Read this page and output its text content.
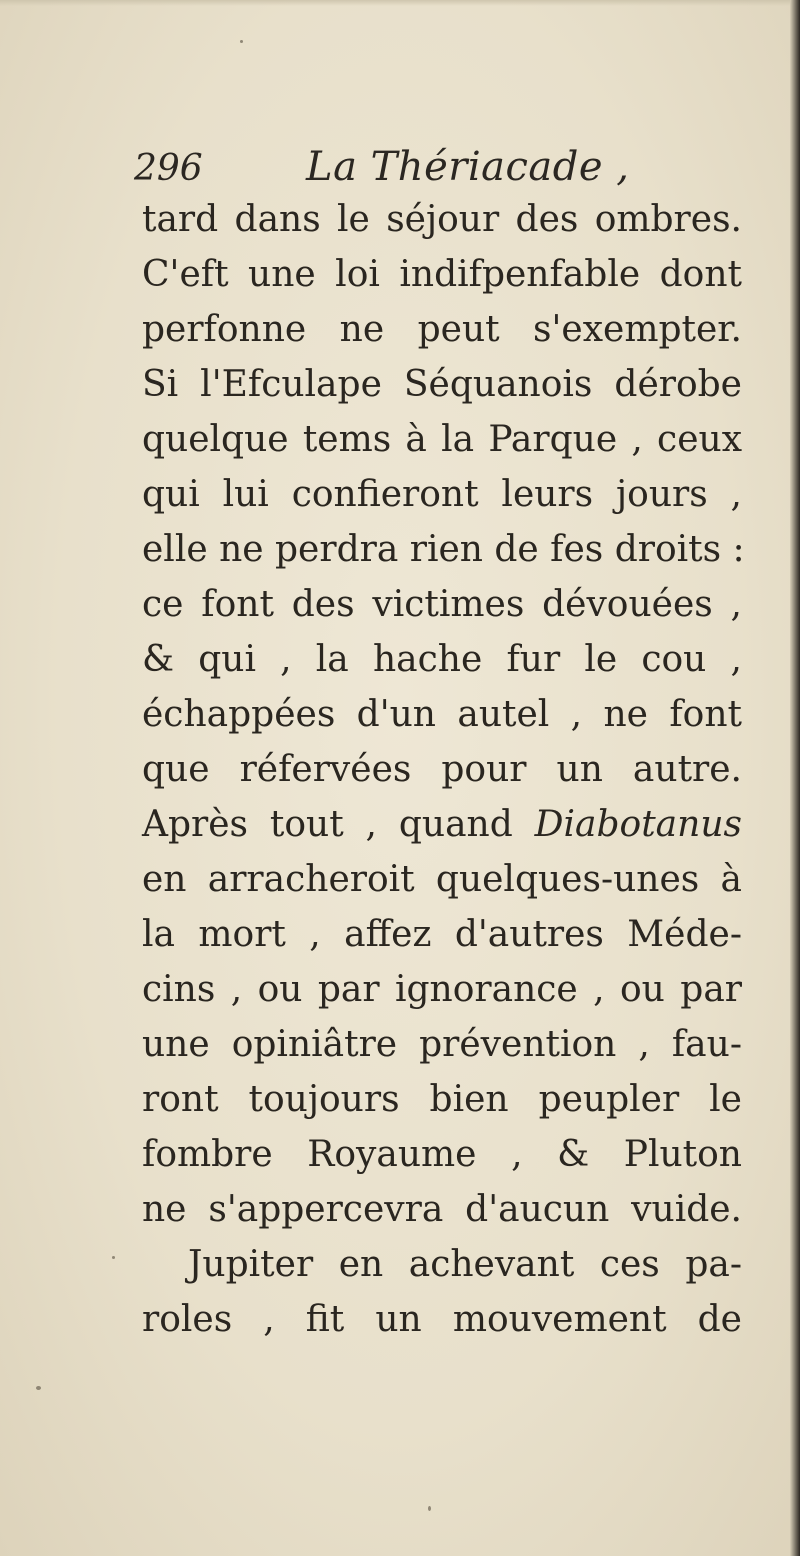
296	La Thériacade ,
tard dans le séjour des ombres.
C'eft une loi indifpenfable dont
perfonne ne peut s'exempter.
Si l'Efculape Séquanois dérobe
quelque tems à la Parque , ceux
qui lui confieront leurs jours ,
elle ne perdra rien de fes droits :
ce font des victimes dévouées ,
& qui , la hache fur le cou ,
échappées d'un autel , ne font
que réfervées pour un autre.
Après tout , quand Diabotanus
en arracheroit quelques-unes à
la mort , affez d'autres Méde-
cins , ou par ignorance , ou par
une opiniâtre prévention , fau-
ront toujours bien peupler le
fombre Royaume , & Pluton
ne s'appercevra d'aucun vuide.
Jupiter en achevant ces pa-
roles , fit un mouvement de
